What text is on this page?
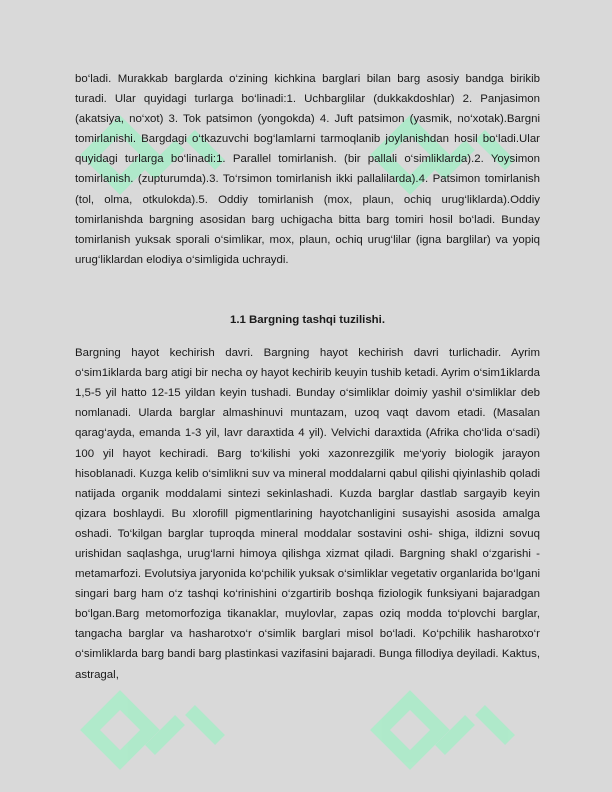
bo‘ladi. Murakkab barglarda o‘zining kichkina barglari bilan barg asosiy bandga birikib turadi. Ular quyidagi turlarga bo‘linadi:1. Uchbarglilar (dukkakdoshlar) 2. Panjasimon (akatsiya, no‘xot) 3. Tok patsimon (yongokda) 4. Juft patsimon (yasmik, no‘xotak).Bargni tomirlanishi. Bargdagi o‘tkazuvchi bog‘lamlarni tarmoqlanib joylanishdan hosil bo‘ladi.Ular quyidagi turlarga bo‘linadi:1. Parallel tomirlanish. (bir pallali o‘simliklarda).2. Yoysimon tomirlanish. (zupturumda).3. To‘rsimon tomirlanish ikki pallalilarda).4. Patsimon tomirlanish (tol, olma, otkulokda).5. Oddiy tomirlanish (mox, plaun, ochiq urug‘liklarda).Oddiy tomirlanishda bargning asosidan barg uchigacha bitta barg tomiri hosil bo‘ladi. Bunday tomirlanish yuksak sporali o‘simlikar, mox, plaun, ochiq urug‘lilar (igna barglilar) va yopiq urug‘liklardan elodiya o‘simligida uchraydi.

1.1 Bargning tashqi tuzilishi.

Bargning hayot kechirish davri. Bargning hayot kechirish davri turlichadir. Ayrim o‘sim1iklarda barg atigi bir necha oy hayot kechirib keuyin tushib ketadi. Ayrim o‘sim1iklarda 1,5-5 yil hatto 12-15 yildan keyin tushadi. Bunday o‘simliklar doimiy yashil o‘simliklar deb nomlanadi. Ularda barglar almashinuvi muntazam, uzoq vaqt davom etadi. (Masalan qarag‘ayda, emanda 1-3 yil, lavr daraxtida 4 yil). Velvichi daraxtida (Afrika cho‘lida o‘sadi) 100 yil hayot kechiradi. Barg to‘kilishi yoki xazonrezgilik me‘yoriy biologik jarayon hisoblanadi. Kuzga kelib o‘simlikni suv va mineral moddalarni qabul qilishi qiyinlashib qoladi natijada organik moddalami sintezi sekinlashadi. Kuzda barglar dastlab sargayib keyin qizara boshlaydi. Bu xlorofill pigmentlarining hayotchanligini susayishi asosida amalga oshadi. To‘kilgan barglar tuproqda mineral moddalar sostavini oshi- shiga, ildizni sovuq urishidan saqlashga, urug‘larni himoya qilishga xizmat qiladi. Bargning shakl o‘zgarishi - metamarfozi. Evolutsiya jaryonida ko‘pchilik yuksak o‘simliklar vegetativ organlarida bo‘lgani singari barg ham o‘z tashqi ko‘rinishini o‘zgartirib boshqa fiziologik funksiyani bajaradgan bo‘lgan.Barg metomorfoziga tikanaklar, muylovlar, zapas oziq modda to‘plovchi barglar, tangacha barglar va hasharotxo‘r o‘simlik barglari misol bo‘ladi. Ko‘pchilik hasharotxo‘r o‘simliklarda barg bandi barg plastinkasi vazifasini bajaradi. Bunga fillodiya deyiladi. Kaktus, astragal,
